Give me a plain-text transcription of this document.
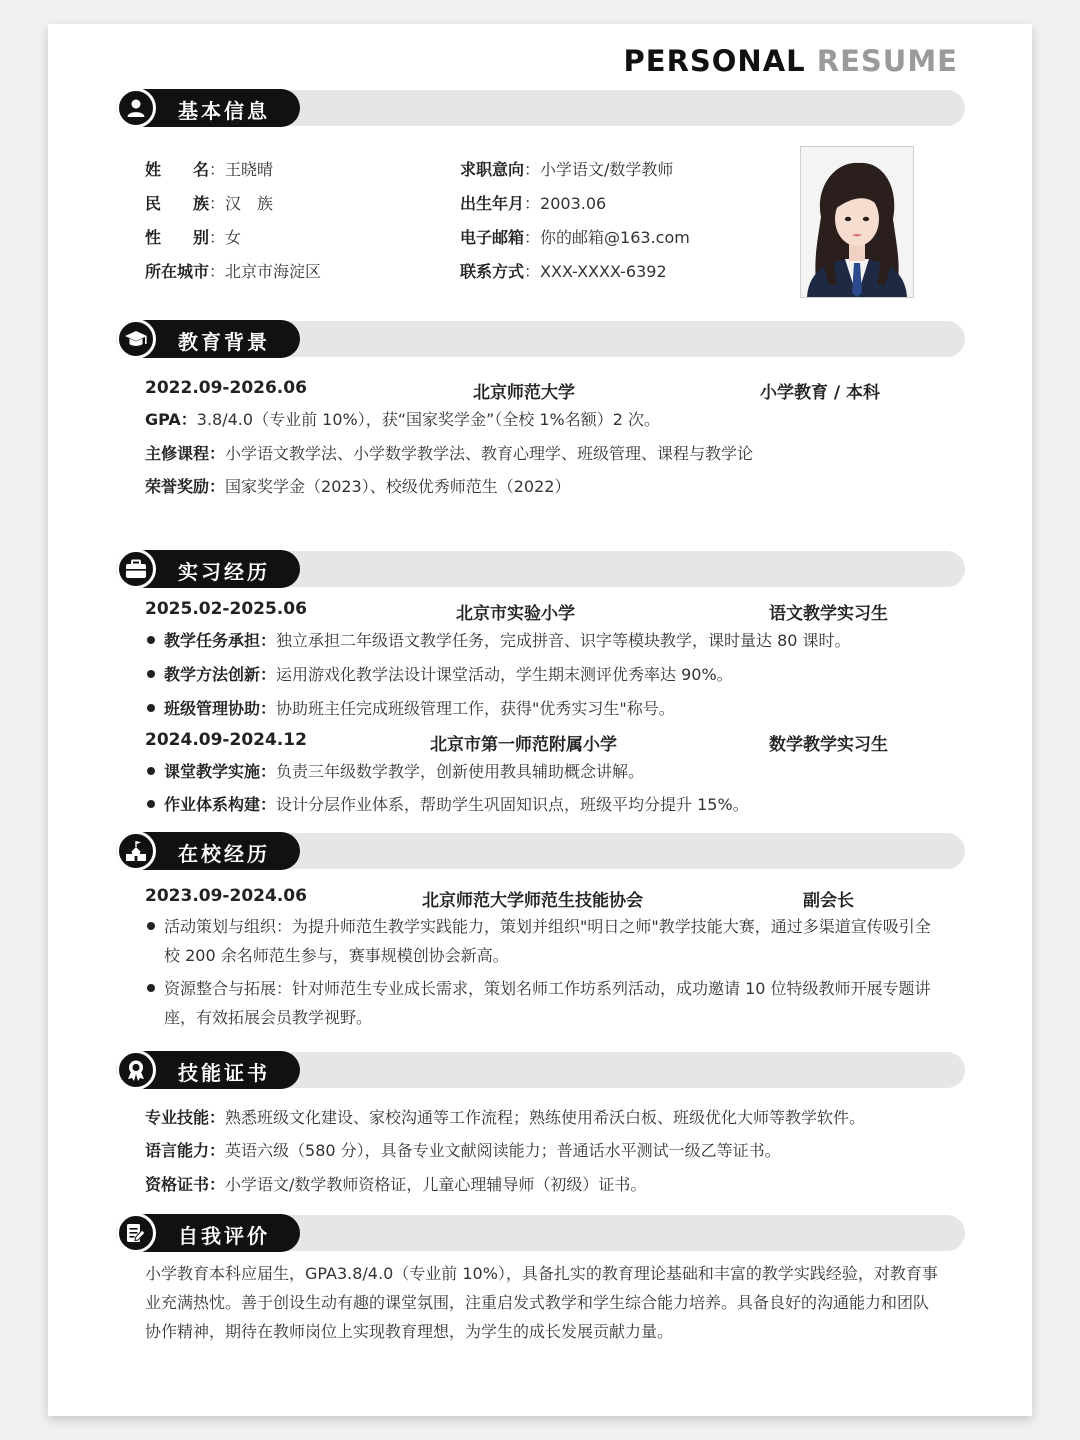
PERSONAL RESUME
基本信息
姓　　名：王晓晴
民　　族：汉　族
性　　别：女
所在城市：北京市海淀区
求职意向：小学语文/数学教师
出生年月：2003.06
电子邮箱：你的邮箱@163.com
联系方式：XXX-XXXX-6392
教育背景
2022.09-2026.06	北京师范大学	小学教育 / 本科
GPA：3.8/4.0（专业前 10%），获“国家奖学金”（全校 1%名额）2 次。
主修课程：小学语文教学法、小学数学教学法、教育心理学、班级管理、课程与教学论
荣誉奖励：国家奖学金（2023）、校级优秀师范生（2022）
实习经历
2025.02-2025.06	北京市实验小学	语文教学实习生
教学任务承担：独立承担二年级语文教学任务，完成拼音、识字等模块教学，课时量达 80 课时。
教学方法创新：运用游戏化教学法设计课堂活动，学生期末测评优秀率达 90%。
班级管理协助：协助班主任完成班级管理工作，获得"优秀实习生"称号。
2024.09-2024.12	北京市第一师范附属小学	数学教学实习生
课堂教学实施：负责三年级数学教学，创新使用教具辅助概念讲解。
作业体系构建：设计分层作业体系，帮助学生巩固知识点，班级平均分提升 15%。
在校经历
2023.09-2024.06	北京师范大学师范生技能协会	副会长
活动策划与组织：为提升师范生教学实践能力，策划并组织"明日之师"教学技能大赛，通过多渠道宣传吸引全
校 200 余名师范生参与，赛事规模创协会新高。
资源整合与拓展：针对师范生专业成长需求，策划名师工作坊系列活动，成功邀请 10 位特级教师开展专题讲
座，有效拓展会员教学视野。
技能证书
专业技能：熟悉班级文化建设、家校沟通等工作流程；熟练使用希沃白板、班级优化大师等教学软件。
语言能力：英语六级（580 分），具备专业文献阅读能力；普通话水平测试一级乙等证书。
资格证书：小学语文/数学教师资格证，儿童心理辅导师（初级）证书。
自我评价
小学教育本科应届生，GPA3.8/4.0（专业前 10%），具备扎实的教育理论基础和丰富的教学实践经验，对教育事
业充满热忱。善于创设生动有趣的课堂氛围，注重启发式教学和学生综合能力培养。具备良好的沟通能力和团队
协作精神，期待在教师岗位上实现教育理想，为学生的成长发展贡献力量。
